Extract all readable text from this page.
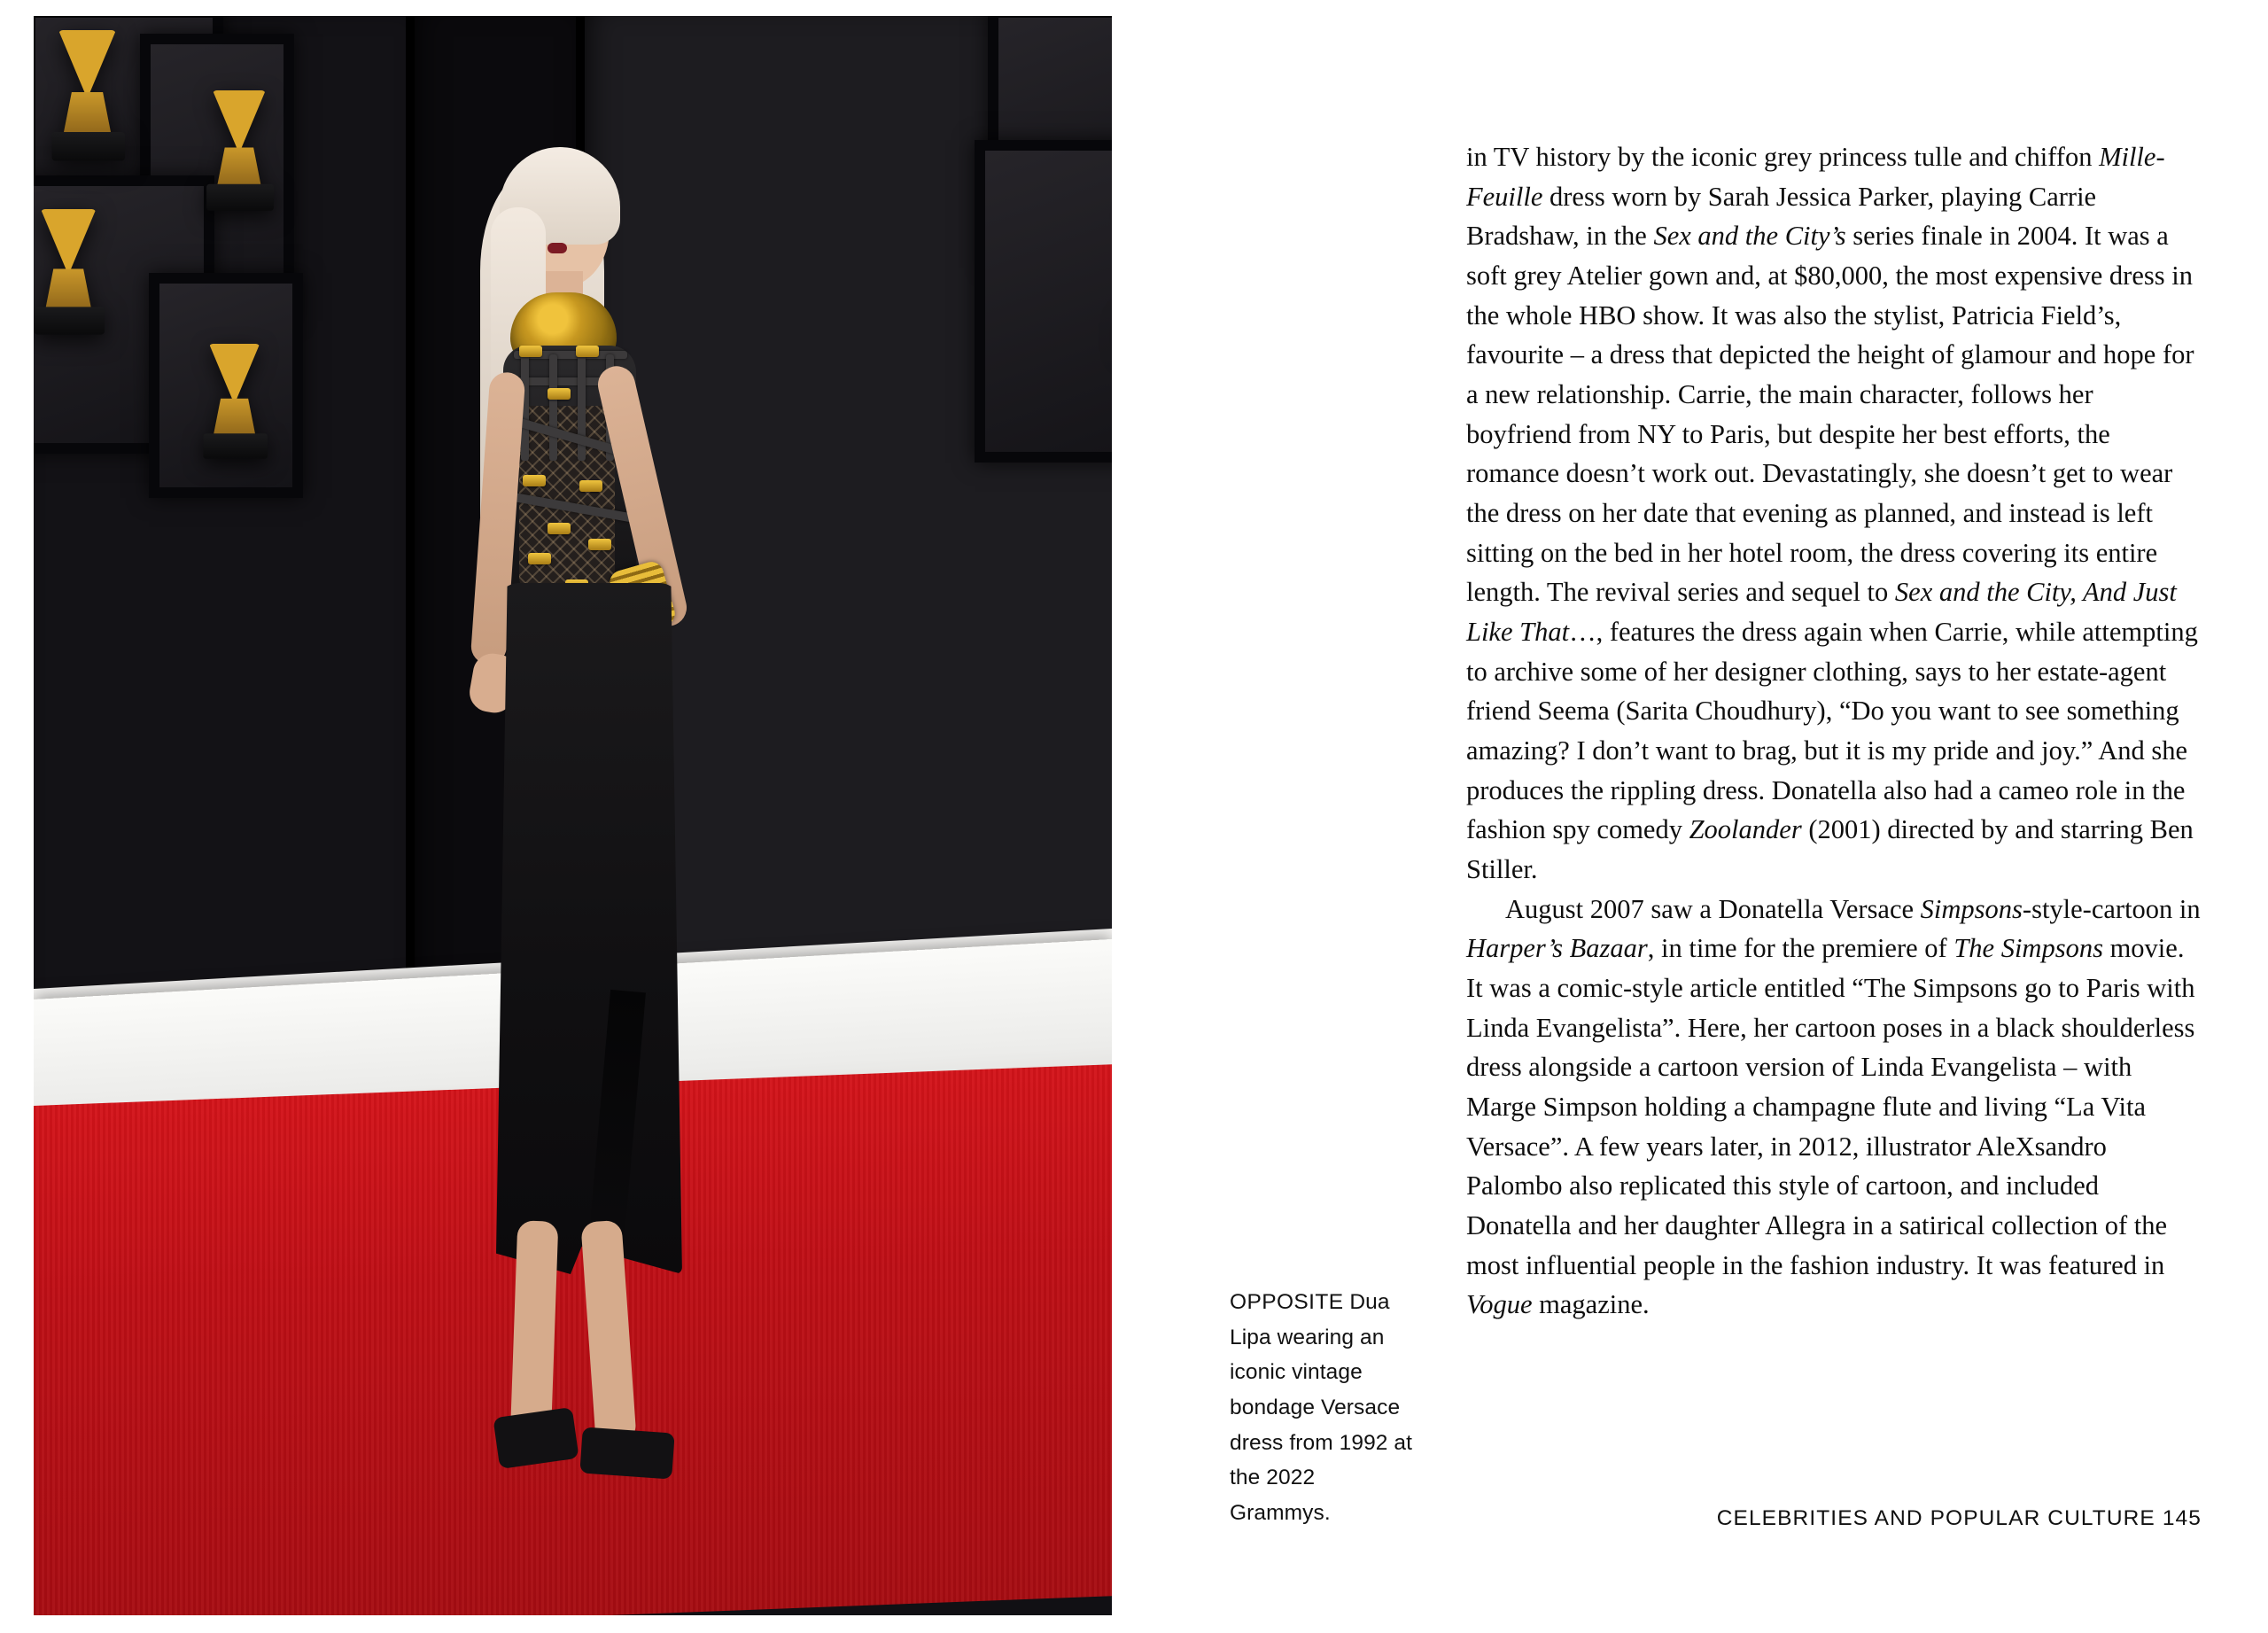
OPPOSITE Dua Lipa wearing an iconic vintage bondage Versace dress from 1992 at the 2022 Grammys.

in TV history by the iconic grey princess tulle and chiffon Mille-Feuille dress worn by Sarah Jessica Parker, playing Carrie Bradshaw, in the Sex and the City’s series finale in 2004. It was a soft grey Atelier gown and, at $80,000, the most expensive dress in the whole HBO show. It was also the stylist, Patricia Field’s, favourite – a dress that depicted the height of glamour and hope for a new relationship. Carrie, the main character, follows her boyfriend from NY to Paris, but despite her best efforts, the romance doesn’t work out. Devastatingly, she doesn’t get to wear the dress on her date that evening as planned, and instead is left sitting on the bed in her hotel room, the dress covering its entire length. The revival series and sequel to Sex and the City, And Just Like That…, features the dress again when Carrie, while attempting to archive some of her designer clothing, says to her estate-agent friend Seema (Sarita Choudhury), “Do you want to see something amazing? I don’t want to brag, but it is my pride and joy.” And she produces the rippling dress. Donatella also had a cameo role in the fashion spy comedy Zoolander (2001) directed by and starring Ben Stiller.

August 2007 saw a Donatella Versace Simpsons-style-cartoon in Harper’s Bazaar, in time for the premiere of The Simpsons movie. It was a comic-style article entitled “The Simpsons go to Paris with Linda Evangelista”. Here, her cartoon poses in a black shoulderless dress alongside a cartoon version of Linda Evangelista – with Marge Simpson holding a champagne flute and living “La Vita Versace”. A few years later, in 2012, illustrator AleXsandro Palombo also replicated this style of cartoon, and included Donatella and her daughter Allegra in a satirical collection of the most influential people in the fashion industry. It was featured in Vogue magazine.

CELEBRITIES AND POPULAR CULTURE 145
